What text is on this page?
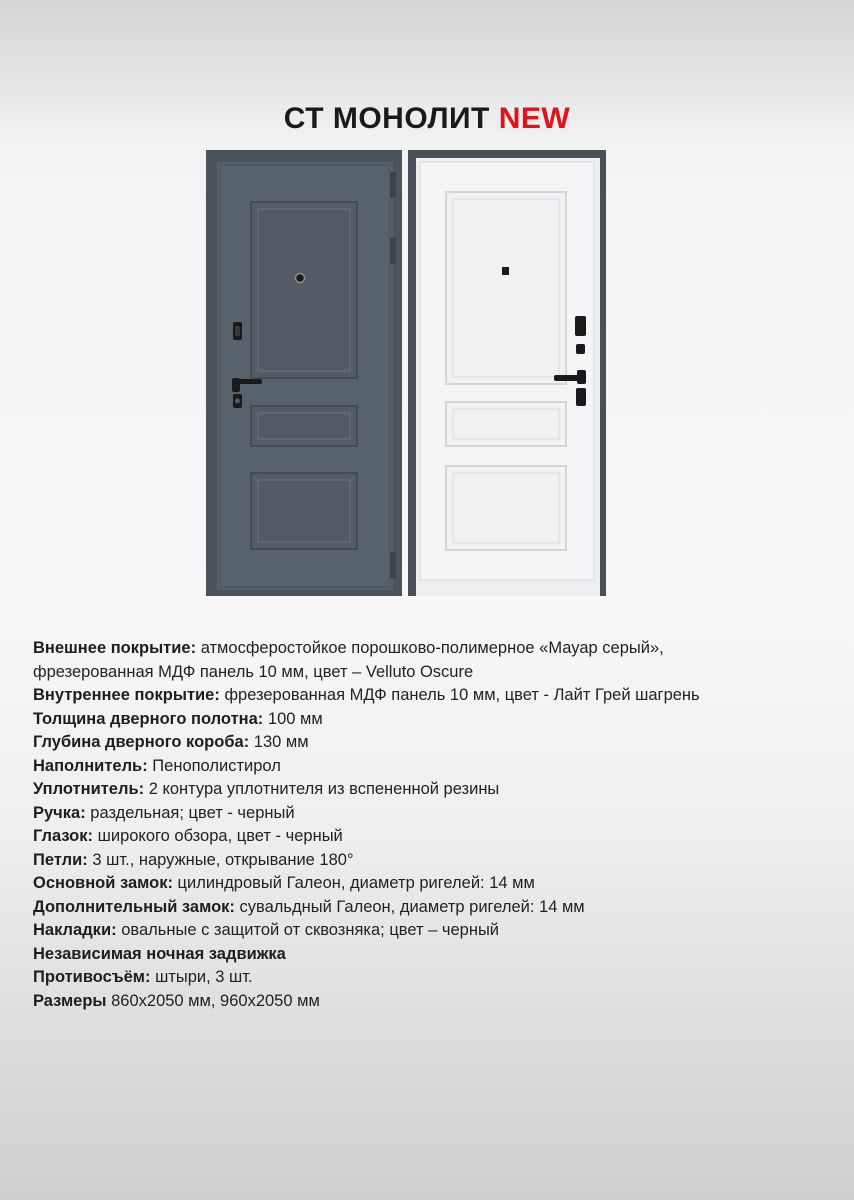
СТ МОНОЛИТ NEW

Внешнее покрытие: атмосферостойкое порошково-полимерное «Мауар серый»,
фрезерованная МДФ панель 10 мм, цвет – Velluto Oscure

Внутреннее покрытие: фрезерованная МДФ панель 10 мм, цвет - Лайт Грей шагрень

Толщина дверного полотна: 100 мм

Глубина дверного короба: 130 мм

Наполнитель: Пенополистирол

Уплотнитель: 2 контура уплотнителя из вспененной резины

Ручка: раздельная; цвет - черный

Глазок: широкого обзора, цвет - черный

Петли: 3 шт., наружные, открывание 180°

Основной замок: цилиндровый Галеон, диаметр ригелей: 14 мм

Дополнительный замок: сувальдный Галеон, диаметр ригелей: 14 мм

Накладки: овальные с защитой от сквозняка; цвет – черный

Независимая ночная задвижка

Противосъём: штыри, 3 шт.

Размеры 860x2050 мм, 960x2050 мм
